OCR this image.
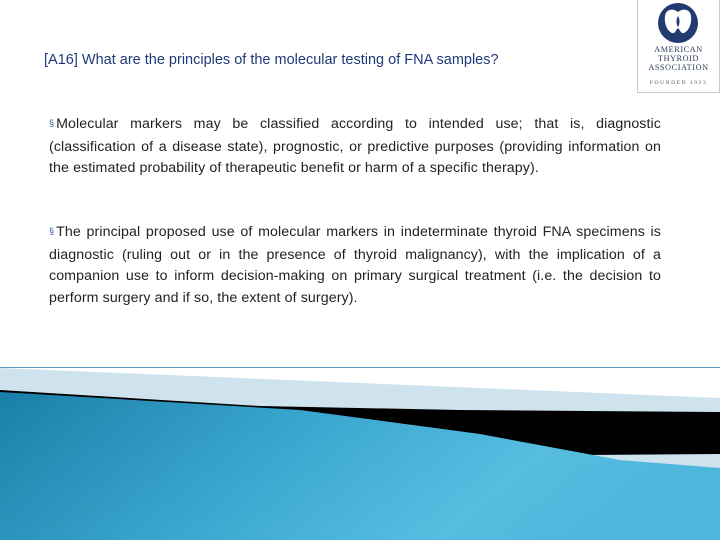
[A16] What are the principles of the molecular testing of FNA samples?
AMERICAN
THYROID
ASSOCIATION
FOUNDED 1923
§ Molecular markers may be classified according to intended use; that is, diagnostic (classification of a disease state), prognostic, or predictive purposes (providing information on the estimated probability of therapeutic benefit or harm of a specific therapy).
§ The principal proposed use of molecular markers in indeterminate thyroid FNA specimens is diagnostic (ruling out or in the presence of thyroid malignancy), with the implication of a companion use to inform decision-making on primary surgical treatment (i.e. the decision to perform surgery and if so, the extent of surgery).
